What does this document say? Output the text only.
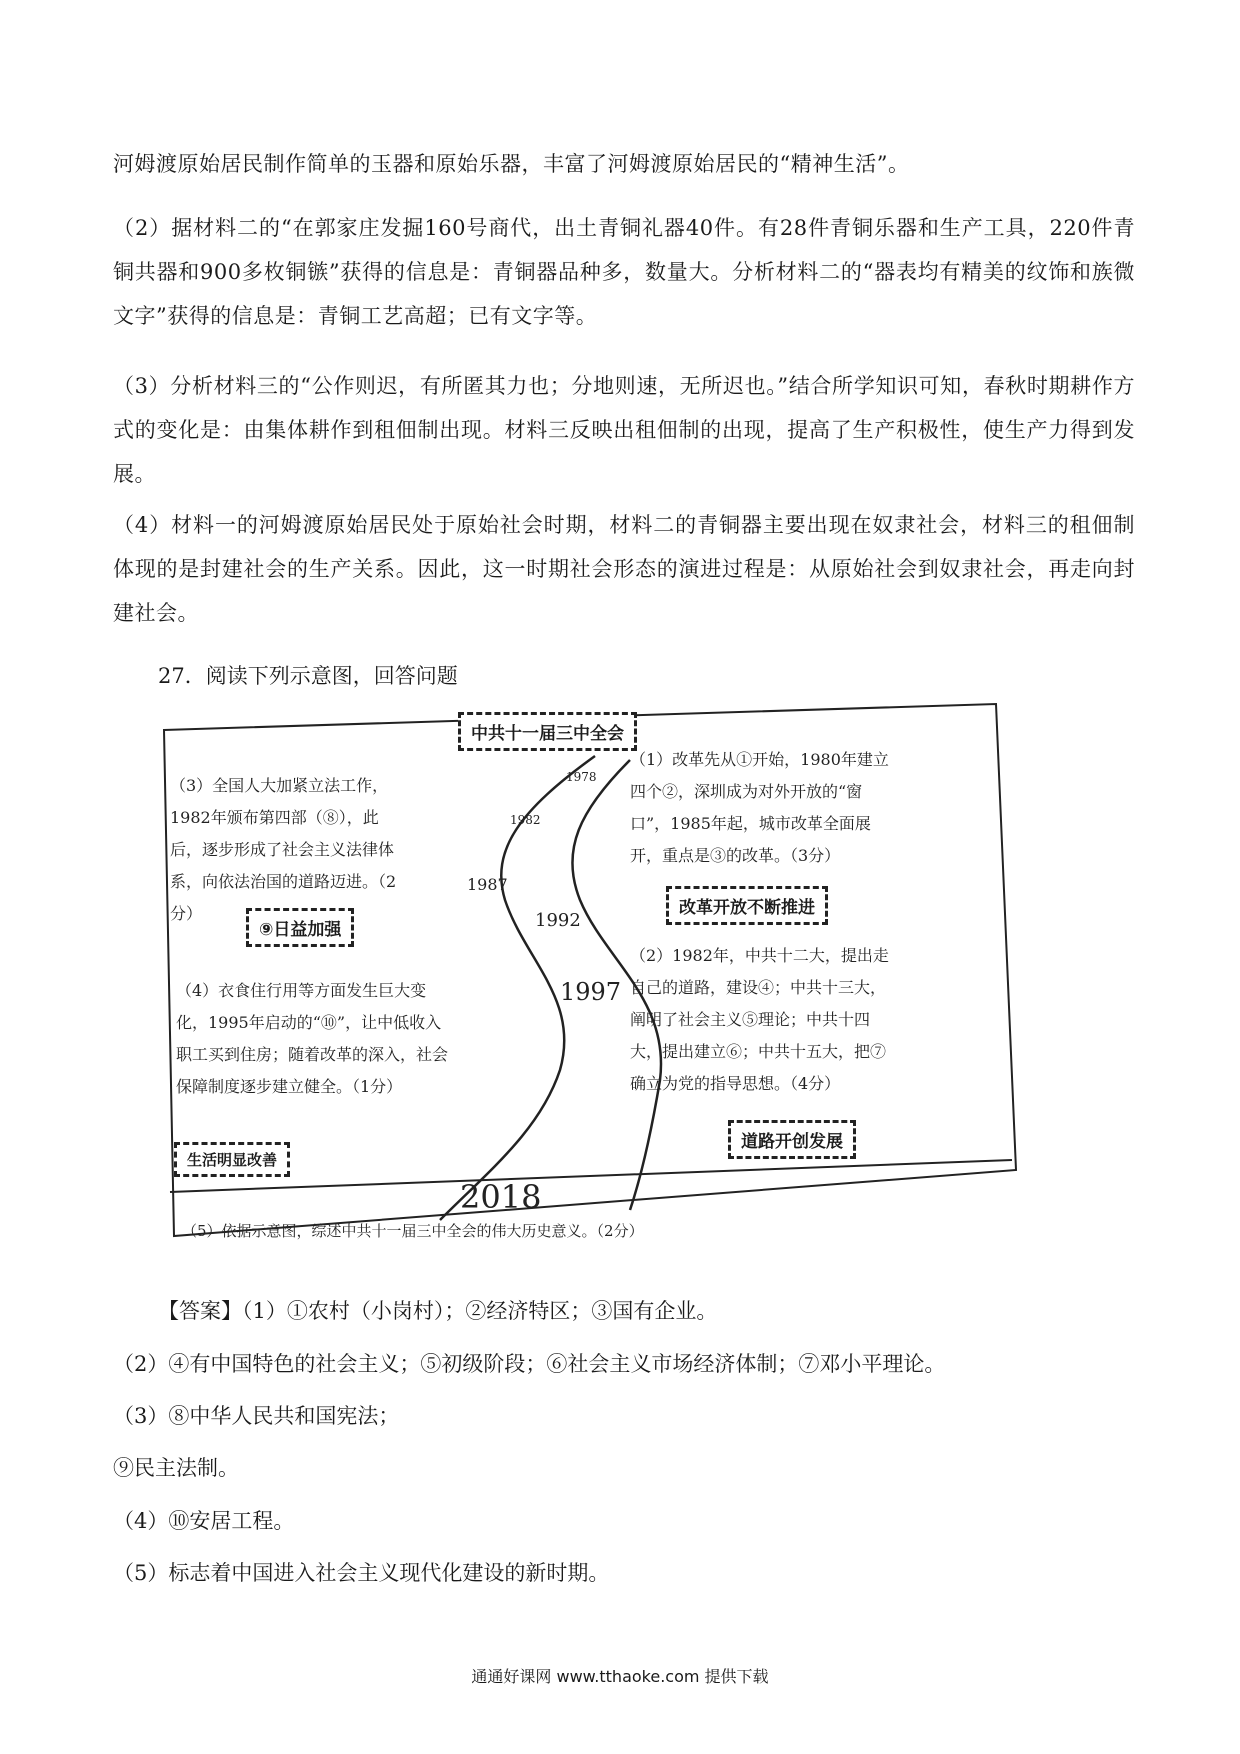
河姆渡原始居民制作简单的玉器和原始乐器，丰富了河姆渡原始居民的“精神生活”。
（2）据材料二的“在郭家庄发掘160号商代，出土青铜礼器40件。有28件青铜乐器和生产工具，220件青铜共器和900多枚铜镞”获得的信息是：青铜器品种多，数量大。分析材料二的“器表均有精美的纹饰和族微文字”获得的信息是：青铜工艺高超；已有文字等。
（3）分析材料三的“公作则迟，有所匿其力也；分地则速，无所迟也。”结合所学知识可知，春秋时期耕作方式的变化是：由集体耕作到租佃制出现。材料三反映出租佃制的出现，提高了生产积极性，使生产力得到发展。
（4）材料一的河姆渡原始居民处于原始社会时期，材料二的青铜器主要出现在奴隶社会，材料三的租佃制体现的是封建社会的生产关系。因此，这一时期社会形态的演进过程是：从原始社会到奴隶社会，再走向封建社会。
27．阅读下列示意图，回答问题
中共十一届三中全会
1978
1982
1987
1992
1997
2018
（1）改革先从①开始，1980年建立四个②，深圳成为对外开放的“窗口”，1985年起，城市改革全面展开，重点是③的改革。（3分）
改革开放不断推进
（3）全国人大加紧立法工作，1982年颁布第四部（⑧），此后，逐步形成了社会主义法律体系，向依法治国的道路迈进。（2分）
⑨日益加强
（2）1982年，中共十二大，提出走自己的道路，建设④；中共十三大，阐明了社会主义⑤理论；中共十四大，提出建立⑥；中共十五大，把⑦确立为党的指导思想。（4分）
道路开创发展
（4）衣食住行用等方面发生巨大变化，1995年启动的“⑩”，让中低收入职工买到住房；随着改革的深入，社会保障制度逐步建立健全。（1分）
生活明显改善
（5）依据示意图，综述中共十一届三中全会的伟大历史意义。（2分）
【答案】（1）①农村（小岗村）；②经济特区；③国有企业。
（2）④有中国特色的社会主义；⑤初级阶段；⑥社会主义市场经济体制；⑦邓小平理论。
（3）⑧中华人民共和国宪法；
⑨民主法制。
（4）⑩安居工程。
（5）标志着中国进入社会主义现代化建设的新时期。
通通好课网 www.tthaoke.com 提供下载
